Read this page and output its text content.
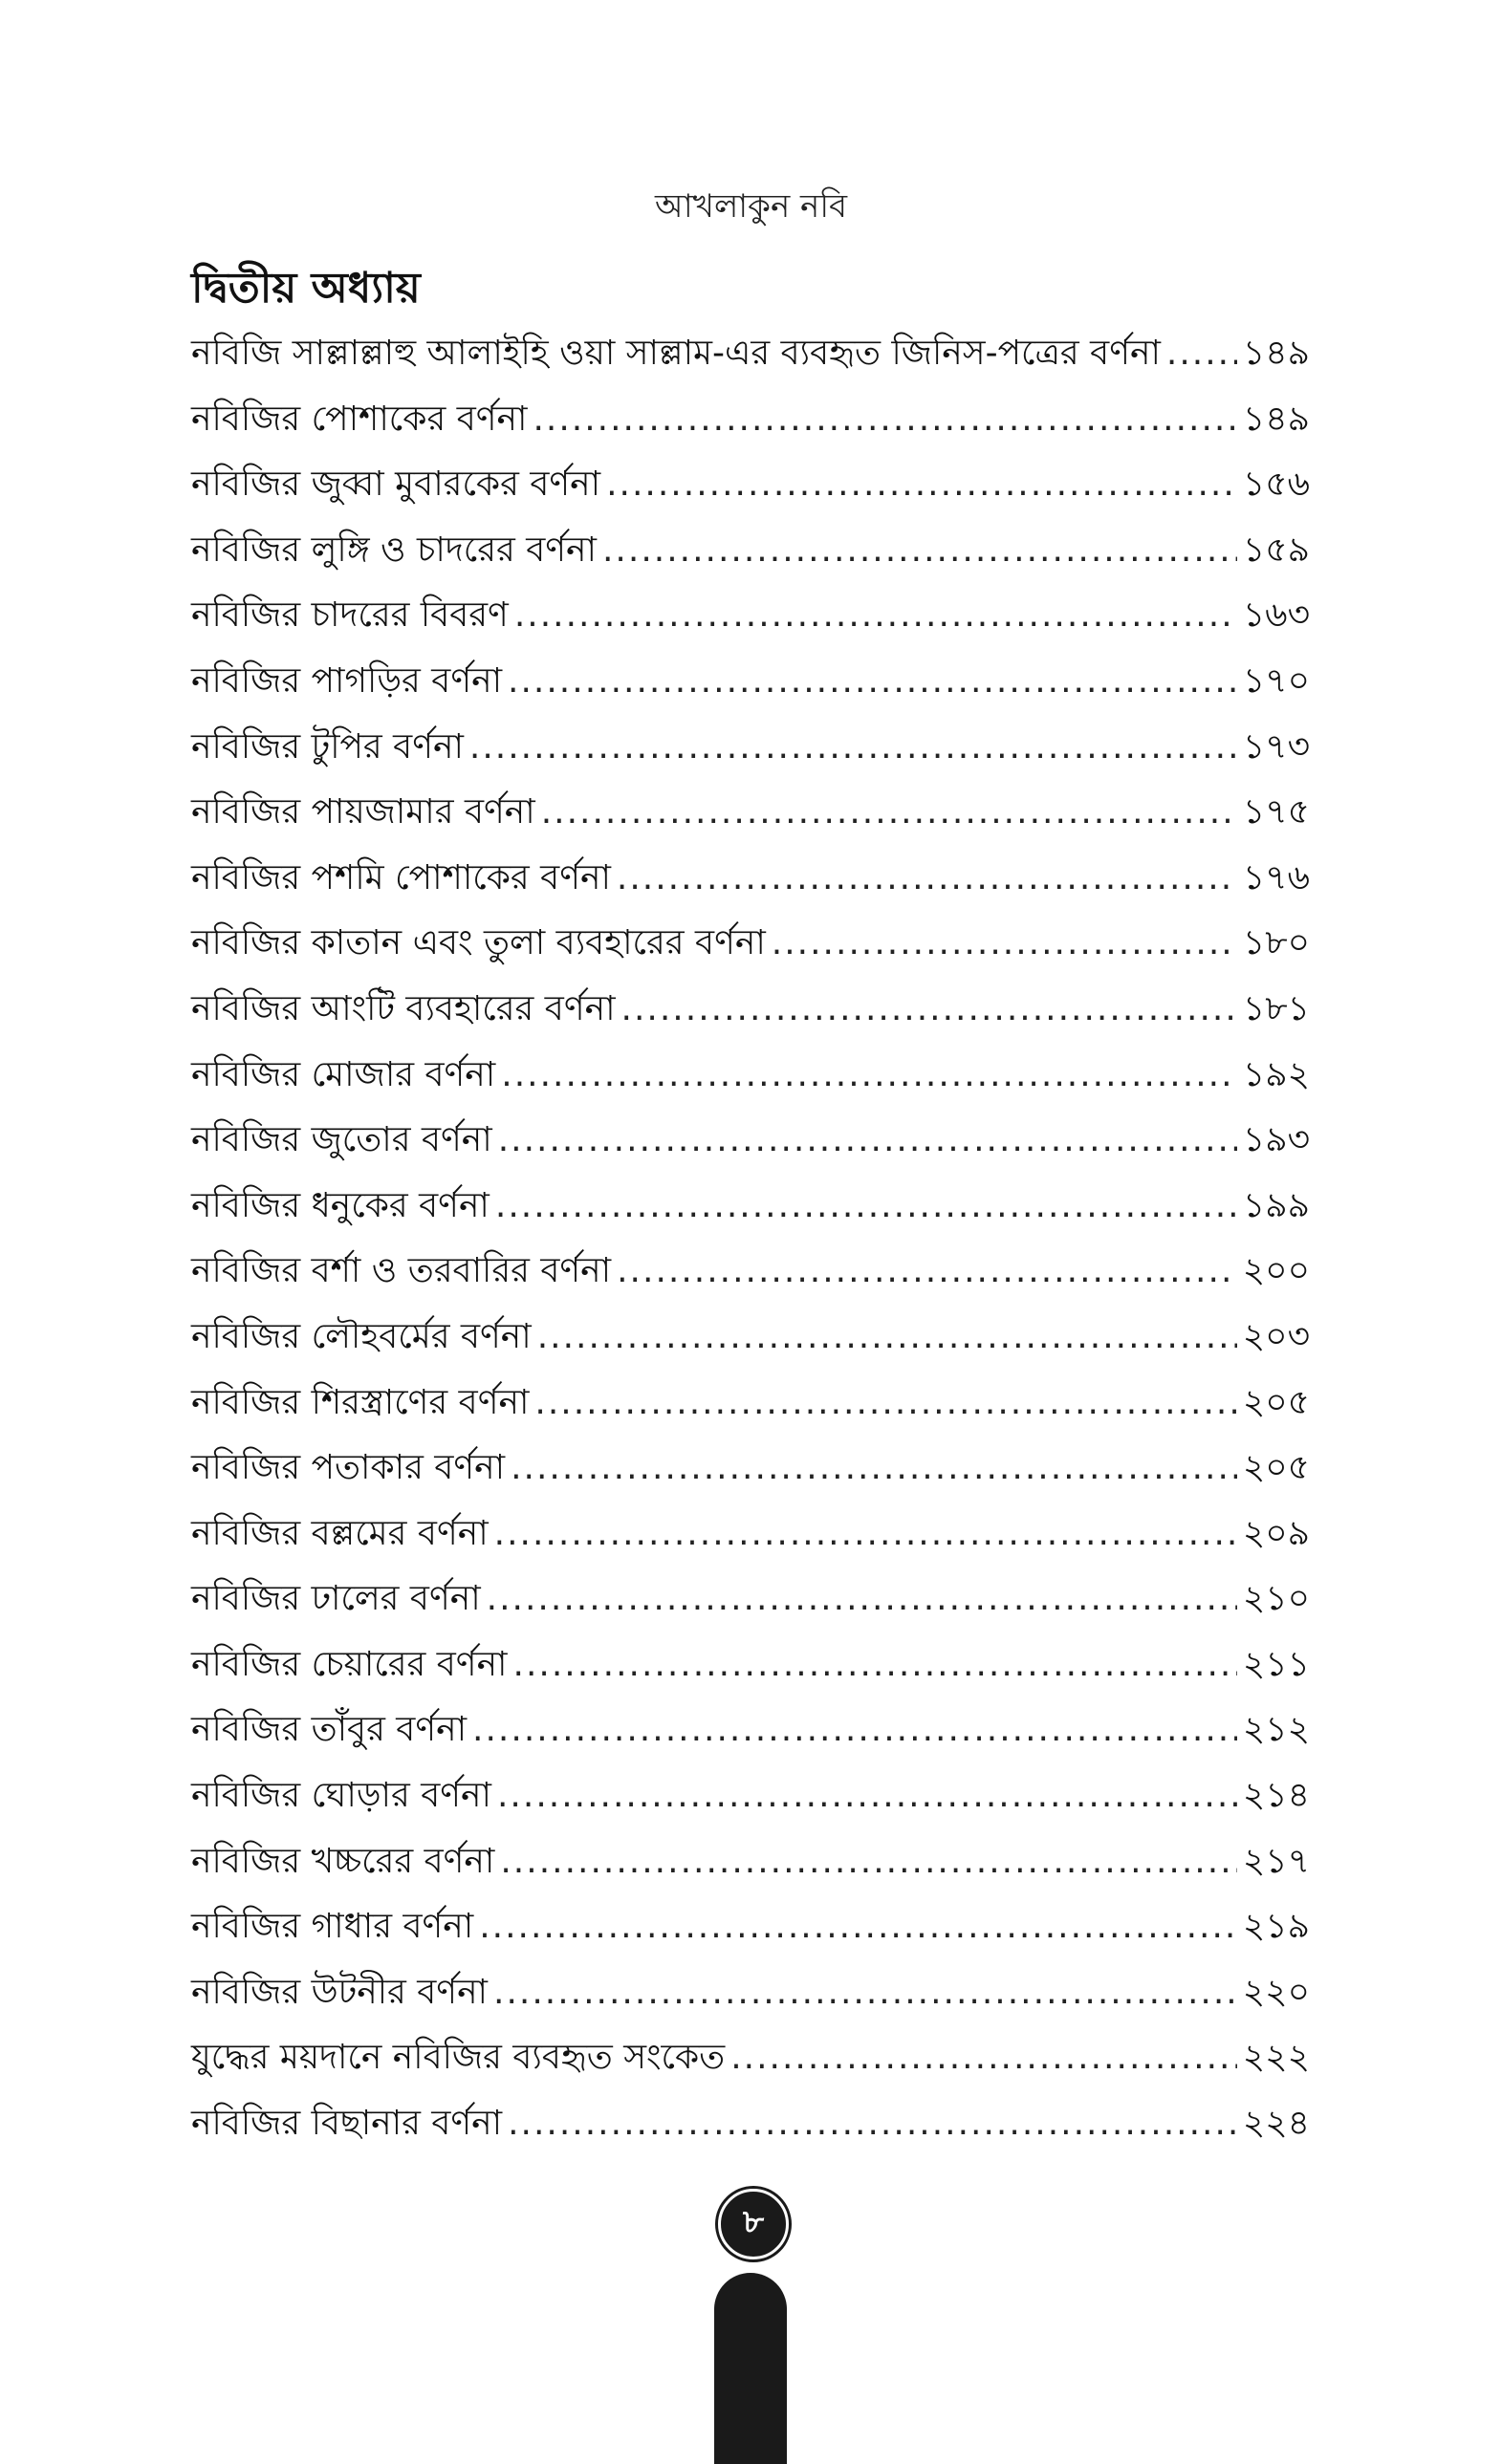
আখলাকুন নবি
দ্বিতীয় অধ্যায়
নবিজি সাল্লাল্লাহু আলাইহি ওয়া সাল্লাম-এর ব্যবহৃত জিনিস-পত্রের বর্ণনা ..... ১৪৯
নবিজির পোশাকের বর্ণনা .....	১৪৯
নবিজির জুব্বা মুবারকের বর্ণনা .....	১৫৬
নবিজির লুঙ্গি ও চাদরের বর্ণনা .....	১৫৯
নবিজির চাদরের বিবরণ .....	১৬৩
নবিজির পাগড়ির বর্ণনা .....	১৭০
নবিজির টুপির বর্ণনা .....	১৭৩
নবিজির পায়জামার বর্ণনা .....	১৭৫
নবিজির পশমি পোশাকের বর্ণনা .....	১৭৬
নবিজির কাতান এবং তুলা ব্যবহারের বর্ণনা .....	১৮০
নবিজির আংটি ব্যবহারের বর্ণনা .....	১৮১
নবিজির মোজার বর্ণনা .....	১৯২
নবিজির জুতোর বর্ণনা .....	১৯৩
নবিজির ধনুকের বর্ণনা .....	১৯৯
নবিজির বর্শা ও তরবারির বর্ণনা .....	২০০
নবিজির লৌহবর্মের বর্ণনা .....	২০৩
নবিজির শিরস্ত্রাণের বর্ণনা .....	২০৫
নবিজির পতাকার বর্ণনা .....	২০৫
নবিজির বল্লমের বর্ণনা .....	২০৯
নবিজির ঢালের বর্ণনা .....	২১০
নবিজির চেয়ারের বর্ণনা .....	২১১
নবিজির তাঁবুর বর্ণনা .....	২১২
নবিজির ঘোড়ার বর্ণনা .....	২১৪
নবিজির খচ্চরের বর্ণনা .....	২১৭
নবিজির গাধার বর্ণনা .....	২১৯
নবিজির উটনীর বর্ণনা .....	২২০
যুদ্ধের ময়দানে নবিজির ব্যবহৃত সংকেত .....	২২২
নবিজির বিছানার বর্ণনা .....	২২৪
৮
